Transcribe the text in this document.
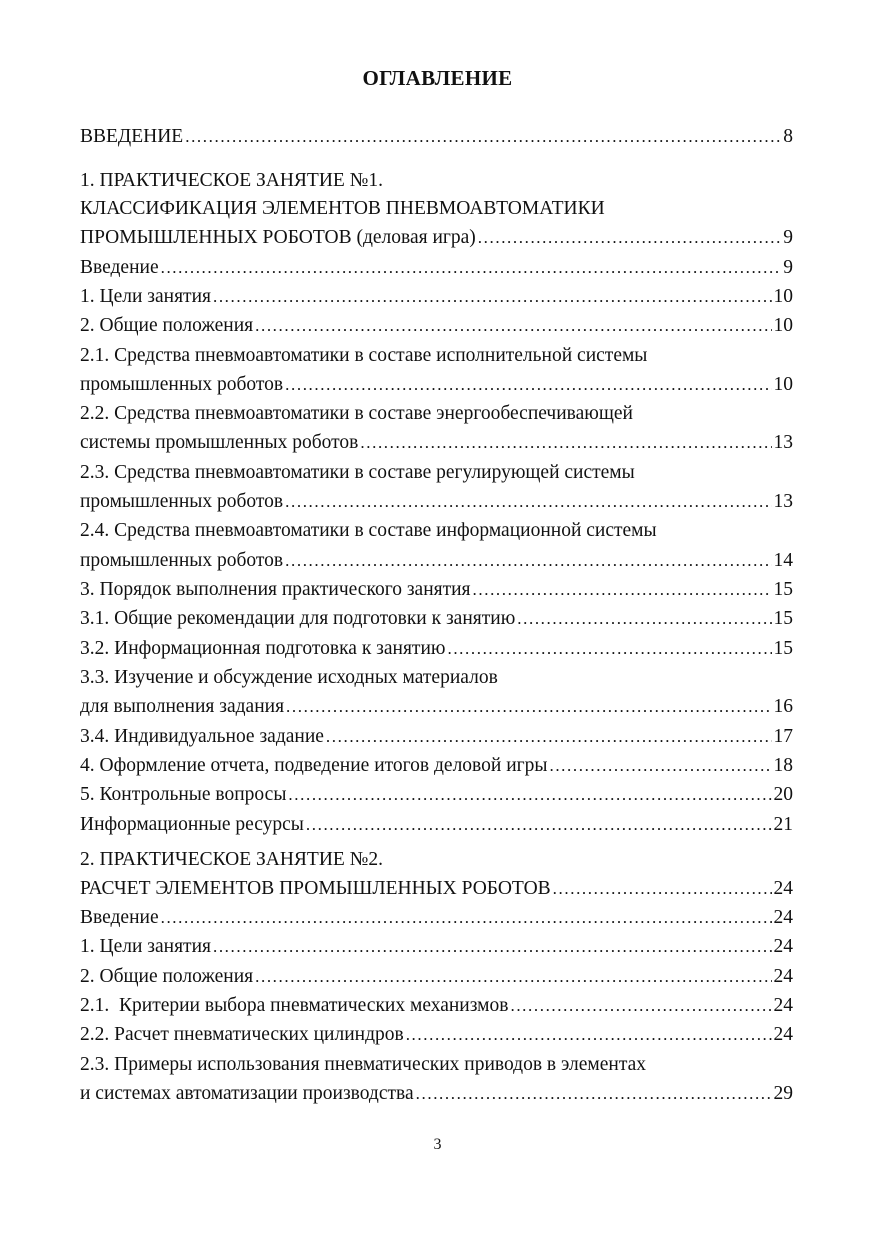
ОГЛАВЛЕНИЕ
ВВЕДЕНИЕ .....	8
1. ПРАКТИЧЕСКОЕ ЗАНЯТИЕ №1.
КЛАССИФИКАЦИЯ ЭЛЕМЕНТОВ ПНЕВМОАВТОМАТИКИ
ПРОМЫШЛЕННЫХ РОБОТОВ (деловая игра) .....	9
Введение .....	9
1. Цели занятия .....	10
2. Общие положения .....	10
2.1. Средства пневмоавтоматики в составе исполнительной системы
промышленных роботов .....	10
2.2. Средства пневмоавтоматики в составе энергообеспечивающей
системы промышленных роботов .....	13
2.3. Средства пневмоавтоматики в составе регулирующей системы
промышленных роботов .....	13
2.4. Средства пневмоавтоматики в составе информационной системы
промышленных роботов .....	14
3. Порядок выполнения практического занятия .....	15
3.1. Общие рекомендации для подготовки к занятию .....	15
3.2. Информационная подготовка к занятию .....	15
3.3. Изучение и обсуждение исходных материалов
для выполнения задания .....	16
3.4. Индивидуальное задание .....	17
4. Оформление отчета, подведение итогов деловой игры .....	18
5. Контрольные вопросы .....	20
Информационные ресурсы .....	21
2. ПРАКТИЧЕСКОЕ ЗАНЯТИЕ №2.
РАСЧЕТ ЭЛЕМЕНТОВ ПРОМЫШЛЕННЫХ РОБОТОВ .....	24
Введение .....	24
1. Цели занятия .....	24
2. Общие положения .....	24
2.1.  Критерии выбора пневматических механизмов .....	24
2.2. Расчет пневматических цилиндров .....	24
2.3. Примеры использования пневматических приводов в элементах
и системах автоматизации производства .....	29
3
